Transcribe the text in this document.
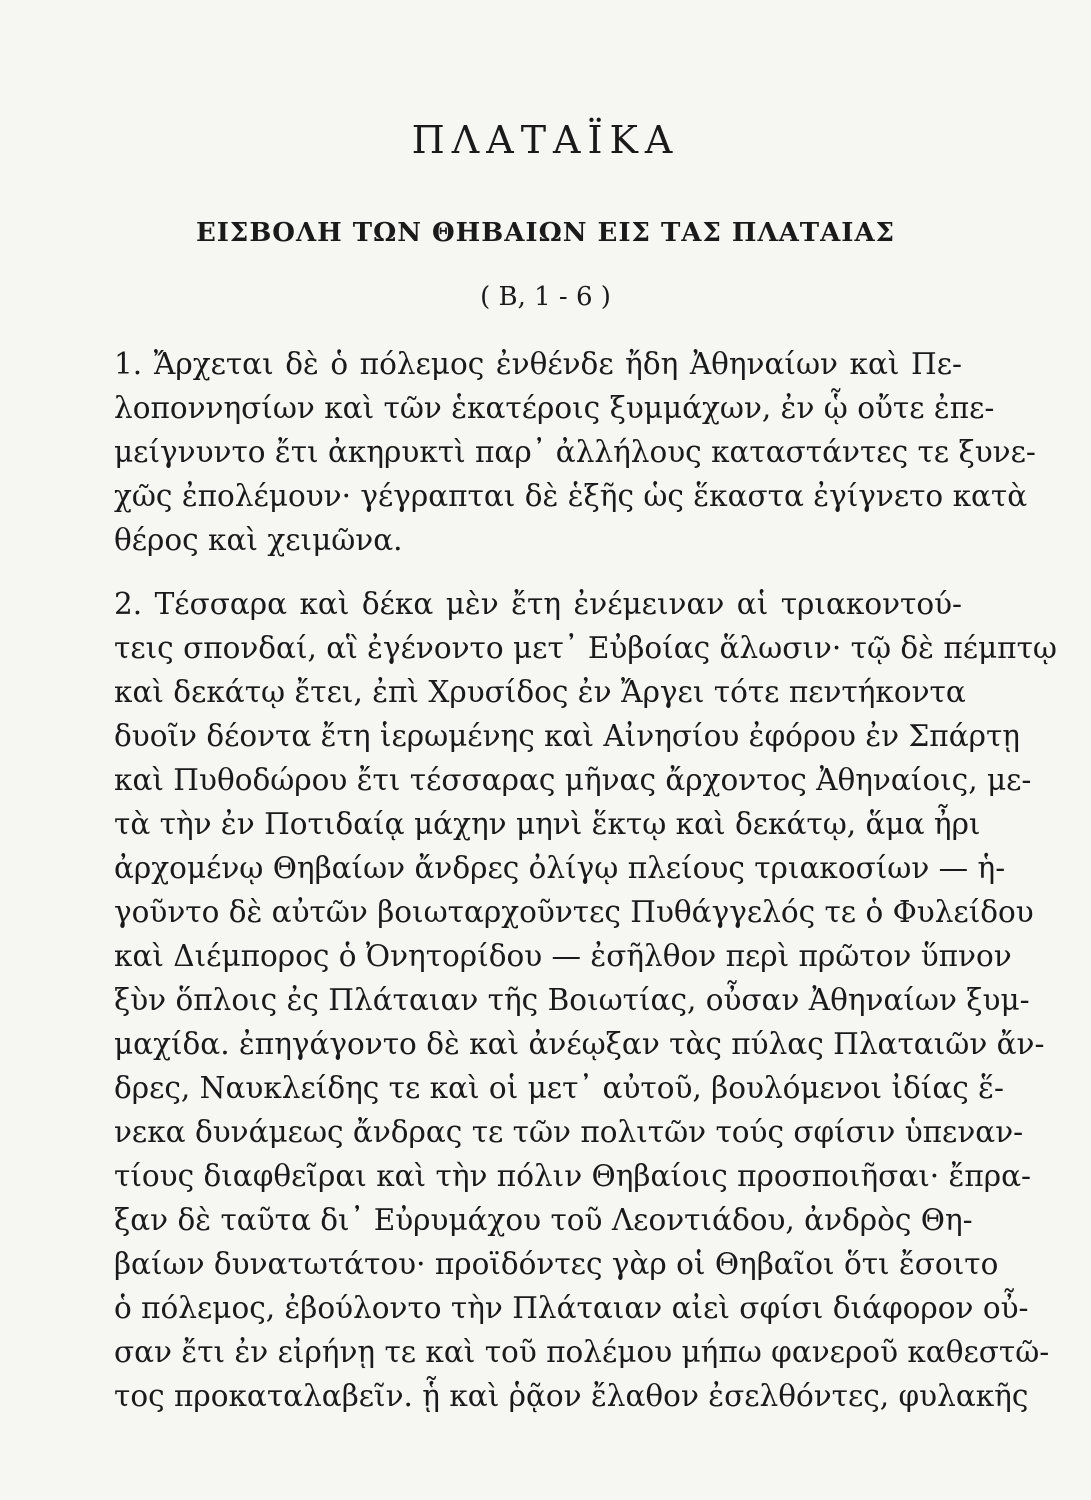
ΠΛΑΤΑΪΚΑ
ΕΙΣΒΟΛΗ ΤΩΝ ΘΗΒΑΙΩΝ ΕΙΣ ΤΑΣ ΠΛΑΤΑΙΑΣ
( Β, 1 - 6 )
1. Ἄρχεται δὲ ὁ πόλεμος ἐνθένδε ἤδη Ἀθηναίων καὶ Πε-
λοποννησίων καὶ τῶν ἑκατέροις ξυμμάχων, ἐν ᾧ οὔτε ἐπε-
μείγνυντο ἔτι ἀκηρυκτὶ παρ᾽ ἀλλήλους καταστάντες τε ξυνε-
χῶς ἐπολέμουν· γέγραπται δὲ ἑξῆς ὡς ἕκαστα ἐγίγνετο κατὰ
θέρος καὶ χειμῶνα.
2. Τέσσαρα καὶ δέκα μὲν ἔτη ἐνέμειναν αἱ τριακοντού-
τεις σπονδαί, αἳ ἐγένοντο μετ᾽ Εὐβοίας ἅλωσιν· τῷ δὲ πέμπτῳ
καὶ δεκάτῳ ἔτει, ἐπὶ Χρυσίδος ἐν Ἄργει τότε πεντήκοντα
δυοῖν δέοντα ἔτη ἱερωμένης καὶ Αἰνησίου ἐφόρου ἐν Σπάρτῃ
καὶ Πυθοδώρου ἔτι τέσσαρας μῆνας ἄρχοντος Ἀθηναίοις, με-
τὰ τὴν ἐν Ποτιδαίᾳ μάχην μηνὶ ἕκτῳ καὶ δεκάτῳ, ἅμα ἦρι
ἀρχομένῳ Θηβαίων ἄνδρες ὀλίγῳ πλείους τριακοσίων — ἡ-
γοῦντο δὲ αὐτῶν βοιωταρχοῦντες Πυθάγγελός τε ὁ Φυλείδου
καὶ Διέμπορος ὁ Ὀνητορίδου — ἐσῆλθον περὶ πρῶτον ὕπνον
ξὺν ὅπλοις ἐς Πλάταιαν τῆς Βοιωτίας, οὖσαν Ἀθηναίων ξυμ-
μαχίδα. ἐπηγάγοντο δὲ καὶ ἀνέῳξαν τὰς πύλας Πλαταιῶν ἄν-
δρες, Ναυκλείδης τε καὶ οἱ μετ᾽ αὐτοῦ, βουλόμενοι ἰδίας ἕ-
νεκα δυνάμεως ἄνδρας τε τῶν πολιτῶν τούς σφίσιν ὑπεναν-
τίους διαφθεῖραι καὶ τὴν πόλιν Θηβαίοις προσποιῆσαι· ἔπρα-
ξαν δὲ ταῦτα δι᾽ Εὐρυμάχου τοῦ Λεοντιάδου, ἀνδρὸς Θη-
βαίων δυνατωτάτου· προϊδόντες γὰρ οἱ Θηβαῖοι ὅτι ἔσοιτο
ὁ πόλεμος, ἐβούλοντο τὴν Πλάταιαν αἰεὶ σφίσι διάφορον οὖ-
σαν ἔτι ἐν εἰρήνῃ τε καὶ τοῦ πολέμου μήπω φανεροῦ καθεστῶ-
τος προκαταλαβεῖν. ᾗ καὶ ῥᾷον ἔλαθον ἐσελθόντες, φυλακῆς
